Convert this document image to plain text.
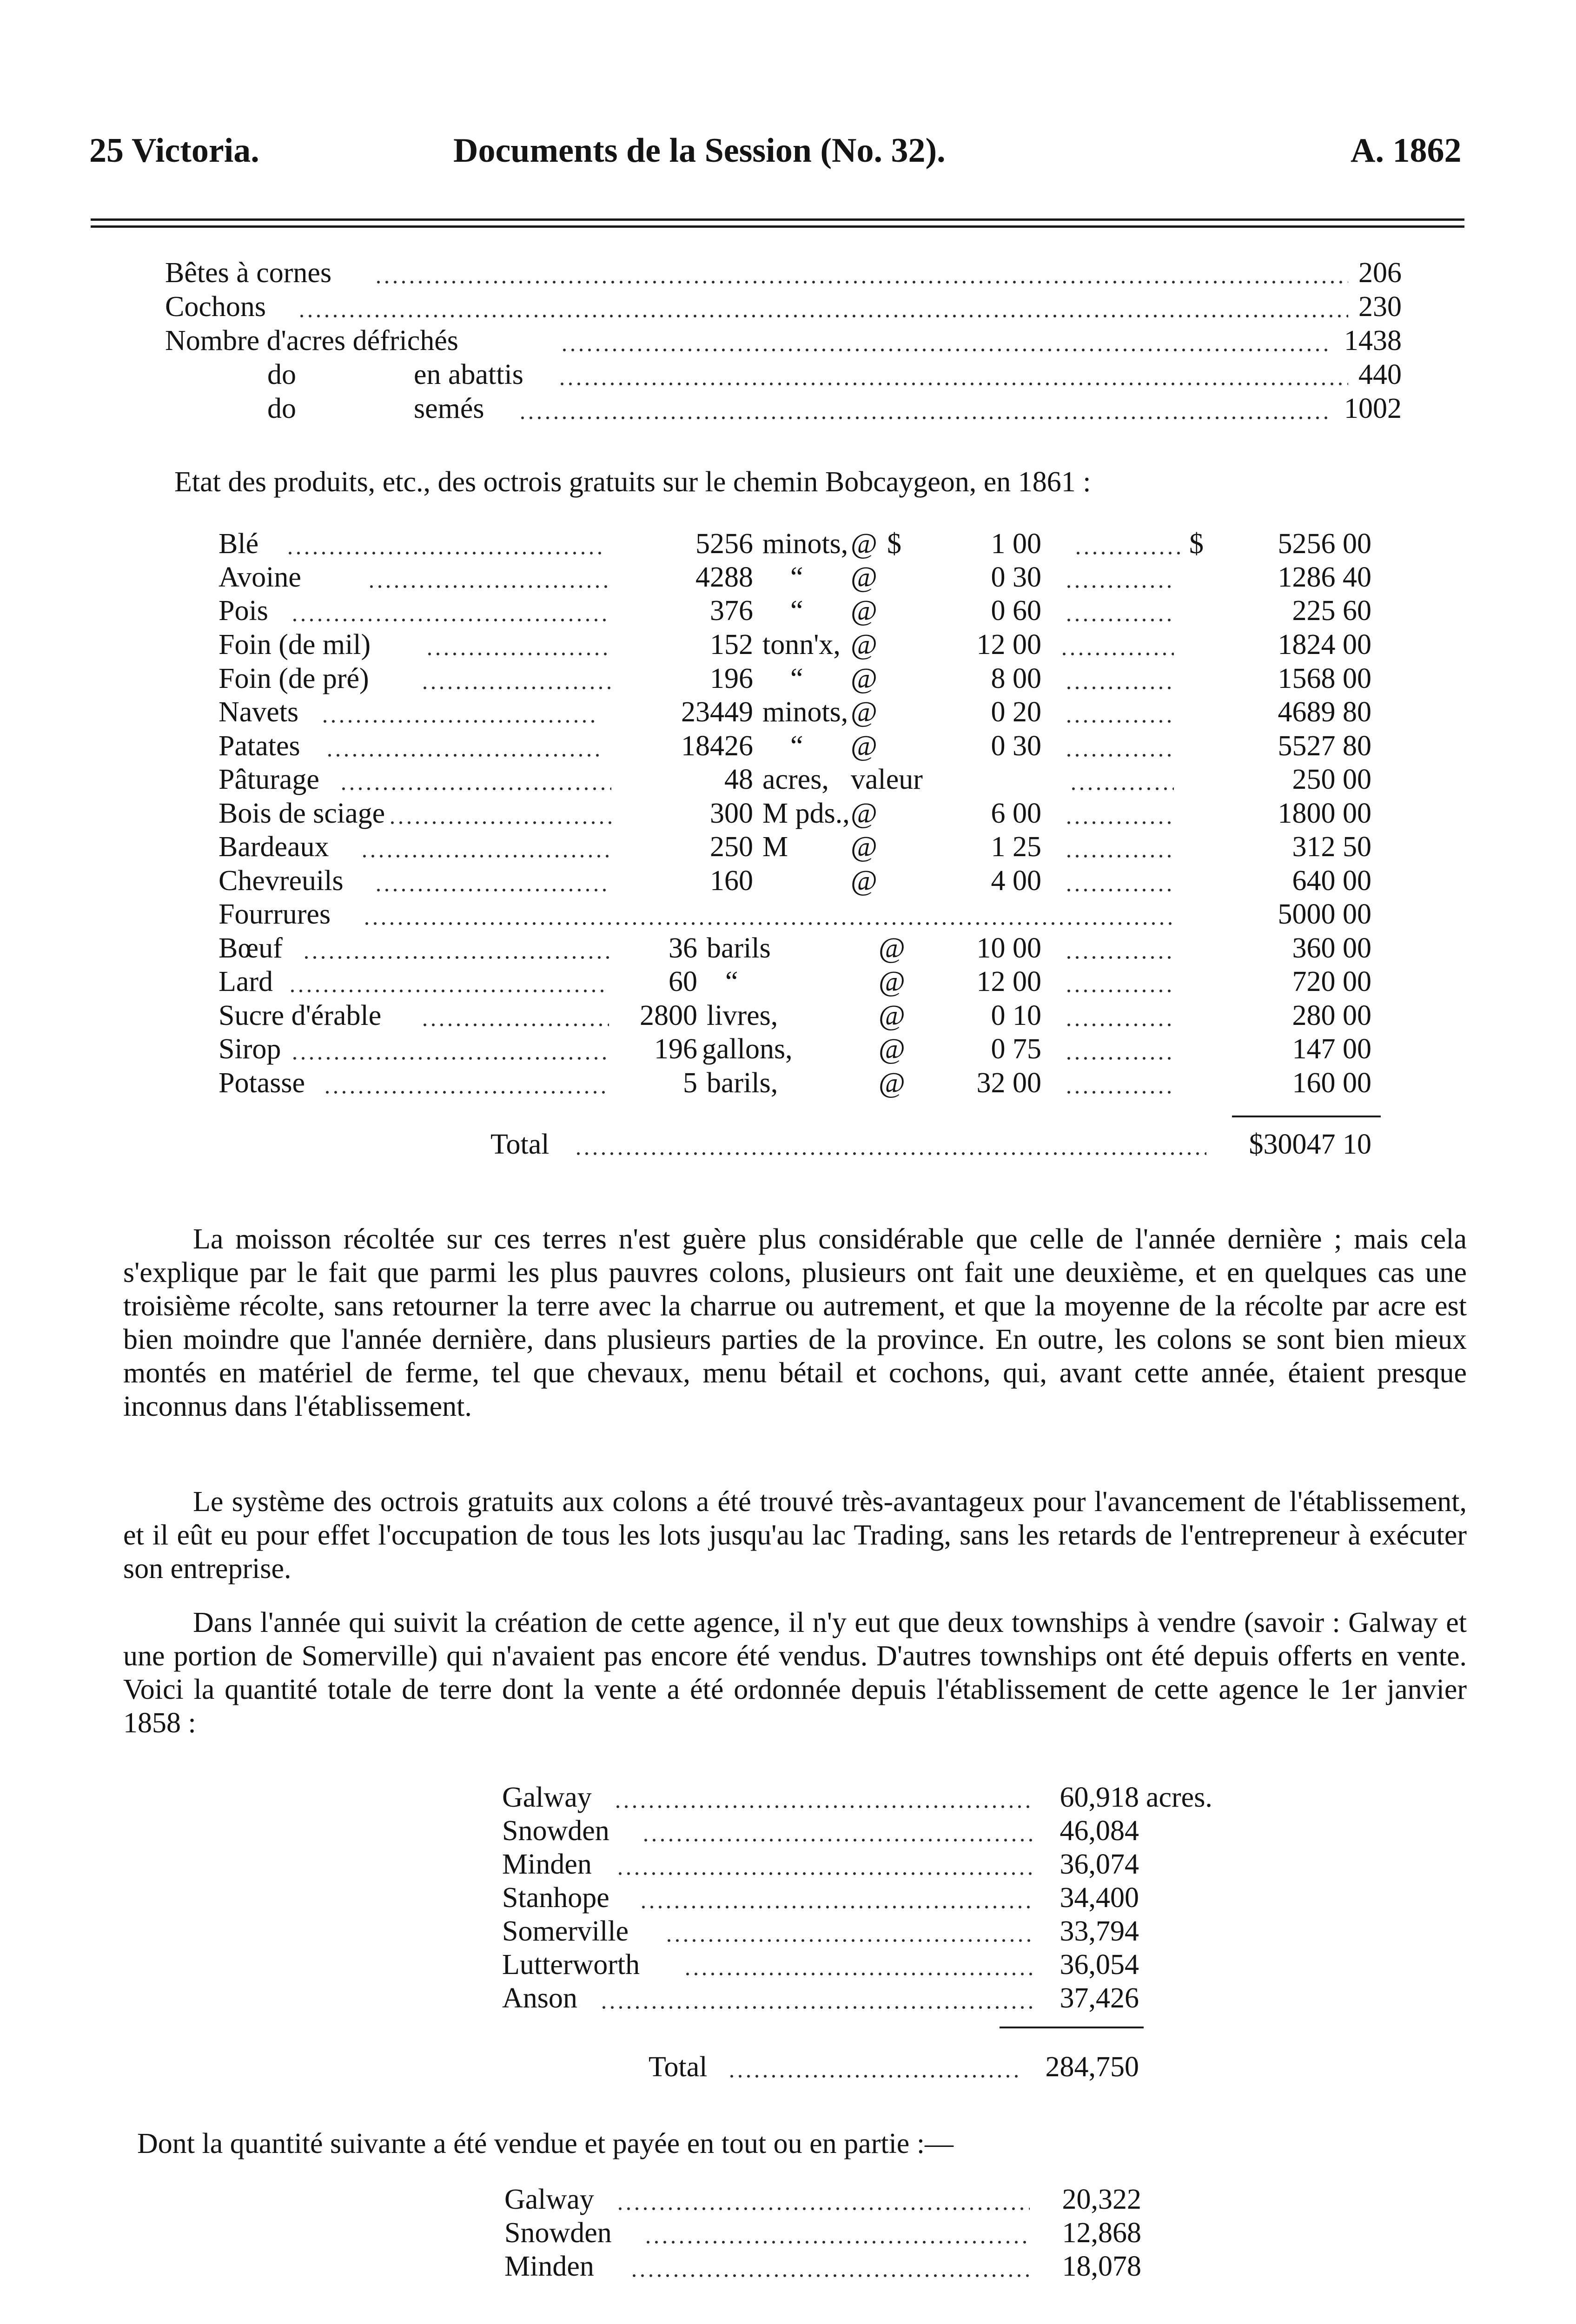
25 Victoria.	Documents de la Session (No. 32).	A. 1862
Bêtes à cornes	206
Cochons	230
Nombre d'acres défrichés	1438
do	en abattis	440
do	semés	1002
Etat des produits, etc., des octrois gratuits sur le chemin Bobcaygeon, en 1861 :
Blé	5256 minots, @ $	1 00	$	5256 00
Avoine	4288 “ @	0 30	1286 40
Pois	376 “ @	0 60	225 60
Foin (de mil)	152 tonn'x, @	12 00	1824 00
Foin (de pré)	196 “ @	8 00	1568 00
Navets	23449 minots, @	0 20	4689 80
Patates	18426 “ @	0 30	5527 80
Pâturage	48 acres, valeur	250 00
Bois de sciage	300 M pds., @	6 00	1800 00
Bardeaux	250 M @	1 25	312 50
Chevreuils	160	@	4 00	640 00
Fourrures	5000 00
Bœuf	36 barils	@ 10 00	360 00
Lard	60 “	@ 12 00	720 00
Sucre d'érable	2800 livres,	@	0 10	280 00
Sirop	196 gallons,	@	0 75	147 00
Potasse	5 barils,	@ 32 00	160 00
Total	$30047 10
La moisson récoltée sur ces terres n'est guère plus considérable que celle de l'année dernière ; mais cela s'explique par le fait que parmi les plus pauvres colons, plusieurs ont fait une deuxième, et en quelques cas une troisième récolte, sans retourner la terre avec la charrue ou autrement, et que la moyenne de la récolte par acre est bien moindre que l'année dernière, dans plusieurs parties de la province. En outre, les colons se sont bien mieux montés en matériel de ferme, tel que chevaux, menu bétail et cochons, qui, avant cette année, étaient presque inconnus dans l'établissement.
Le système des octrois gratuits aux colons a été trouvé très-avantageux pour l'avancement de l'établissement, et il eût eu pour effet l'occupation de tous les lots jusqu'au lac Trading, sans les retards de l'entrepreneur à exécuter son entreprise.
Dans l'année qui suivit la création de cette agence, il n'y eut que deux townships à vendre (savoir : Galway et une portion de Somerville) qui n'avaient pas encore été vendus. D'autres townships ont été depuis offerts en vente. Voici la quantité totale de terre dont la vente a été ordonnée depuis l'établissement de cette agence le 1er janvier 1858 :
Galway	60,918 acres.
Snowden	46,084
Minden	36,074
Stanhope	34,400
Somerville	33,794
Lutterworth	36,054
Anson	37,426
Total	284,750
Dont la quantité suivante a été vendue et payée en tout ou en partie :—
Galway	20,322
Snowden	12,868
Minden	18,078
